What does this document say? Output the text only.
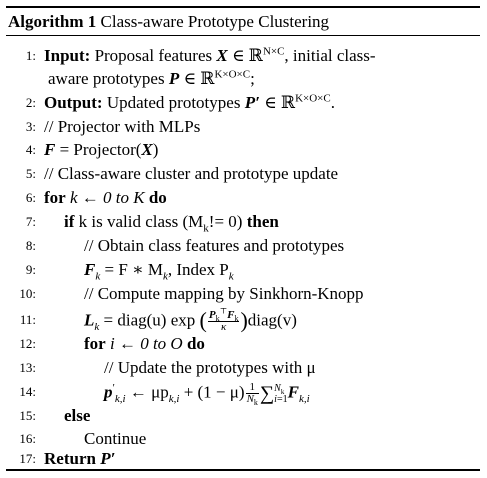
Algorithm 1 Class-aware Prototype Clustering
1: Input: Proposal features X ∈ ℝ$^{N\times C}$, initial class-
aware prototypes P ∈ ℝ$^{K\times O\times C}$;
2: Output: Updated prototypes P′ ∈ ℝ$^{K\times O\times C}$.
3: // Projector with MLPs
4: F = Projector(X)
5: // Class-aware cluster and prototype update
6: for k ← 0 to K do
7: if k is valid class $(M_k!= 0)$ then
8:	// Obtain class features and prototypes
9:	$F_k = F$ ∗ $M_k$, Index $P_k$
10:	// Compute mapping by Sinkhorn-Knopp
11:	$L_k$ = diag(u) exp ( $\frac{P_k^⊤F_k}{\kappa}$ )diag(v)
12:	for i ← 0 to O do
13:	// Update the prototypes with μ
14:	$p'_{k,i}$ ← $\mu p_{k,i} + (1 - \mu) \frac{1}{N_k}$ ∑ $N_k$
i=1 $F_{k,i}$
15: else
16:	Continue
17: Return P′
